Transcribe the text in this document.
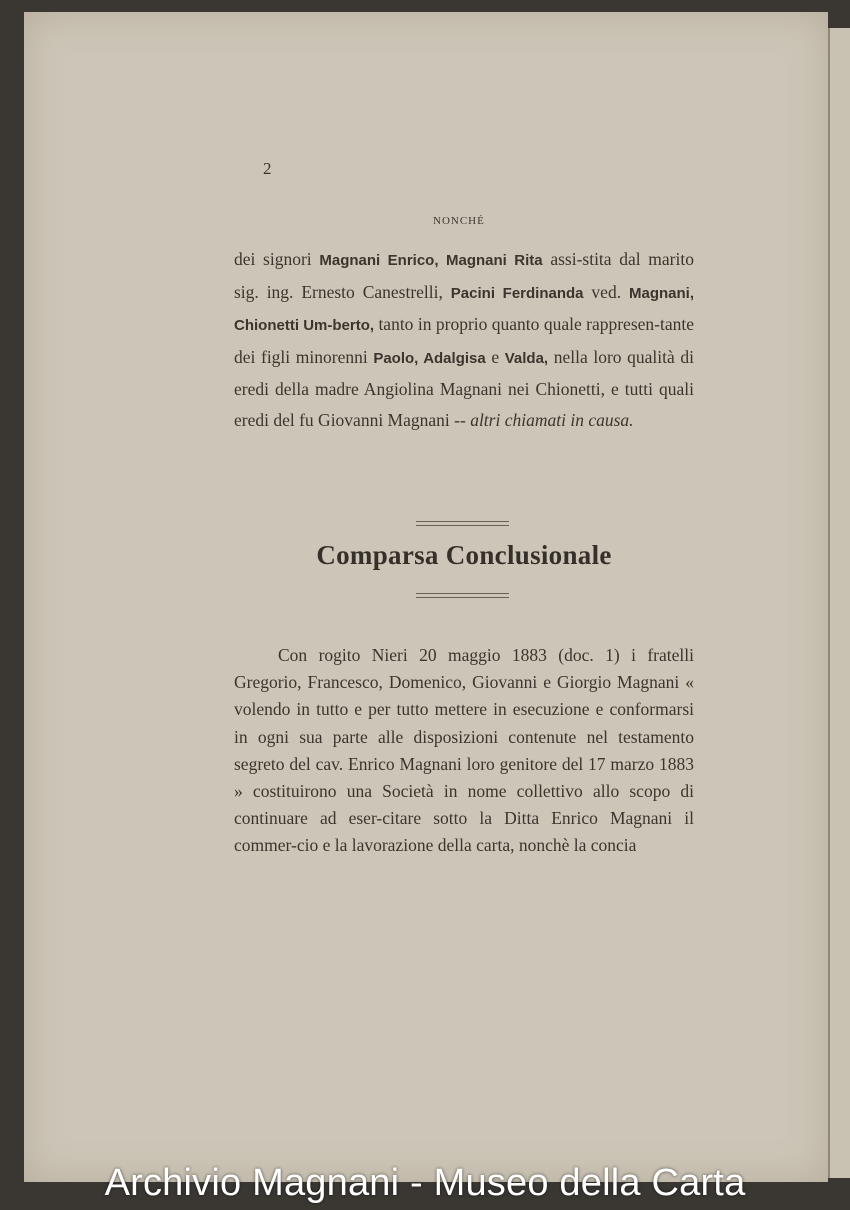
2
NONCHÉ
dei signori Magnani Enrico, Magnani Rita assi-stita dal marito sig. ing. Ernesto Canestrelli, Pacini Ferdinanda ved. Magnani, Chionetti Um-berto, tanto in proprio quanto quale rappresen-tante dei figli minorenni Paolo, Adalgisa e Valda, nella loro qualità di eredi della madre Angiolina Magnani nei Chionetti, e tutti quali eredi del fu Giovanni Magnani -- altri chiamati in causa.
Comparsa Conclusionale
Con rogito Nieri 20 maggio 1883 (doc. 1) i fratelli Gregorio, Francesco, Domenico, Giovanni e Giorgio Magnani « volendo in tutto e per tutto mettere in esecuzione e conformarsi in ogni sua parte alle disposizioni contenute nel testamento segreto del cav. Enrico Magnani loro genitore del 17 marzo 1883 » costituirono una Società in nome collettivo allo scopo di continuare ad eser-citare sotto la Ditta Enrico Magnani il commer-cio e la lavorazione della carta, nonchè la concia
Archivio Magnani - Museo della Carta
